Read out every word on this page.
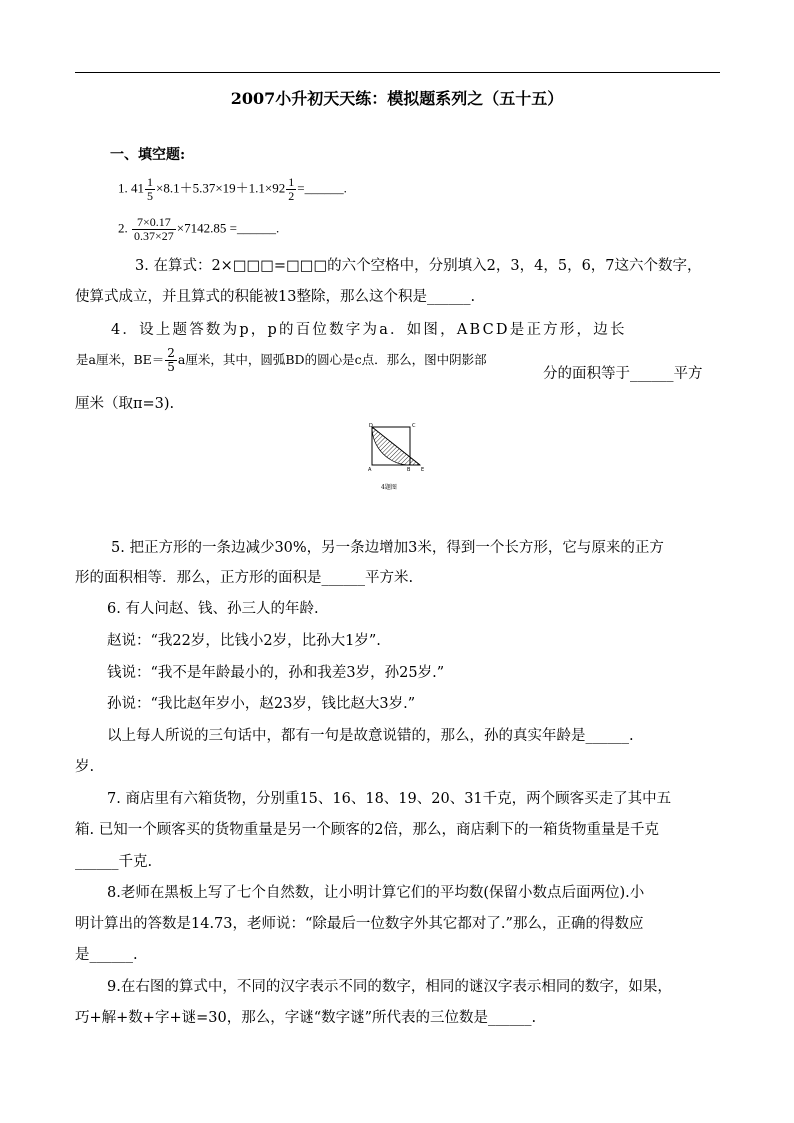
2007小升初天天练：模拟题系列之（五十五）
一、填空题:
1. $41 \frac{1}{5} \times 8.1+5.37\times 19+1.1\times 92 \frac{1}{2}$ =______.
2. $\frac{7\times 0.17}{0.37\times 27} \times 7142.85$ =______.
3. 在算式：2×□□□=□□□的六个空格中，分别填入2，3，4，5，6，7这六个数字，
使算式成立，并且算式的积能被13整除，那么这个积是______.
4．设上题答数为p，p的百位数字为a．如图，ABCD是正方形，边长
是a厘米，$BE= \frac{2}{5}$ a厘米，其中，圆弧BD的圆心是c点．那么，图中阴影部
分的面积等于______平方
厘米（取π=3).
D	C
A	B E
4题图
5. 把正方形的一条边减少30%，另一条边增加3米，得到一个长方形，它与原来的正方
形的面积相等．那么，正方形的面积是______平方米.
6. 有人问赵、钱、孙三人的年龄.
赵说：“我22岁，比钱小2岁，比孙大1岁”.
钱说：“我不是年龄最小的，孙和我差3岁，孙25岁.”
孙说：“我比赵年岁小，赵23岁，钱比赵大3岁.”
以上每人所说的三句话中，都有一句是故意说错的，那么，孙的真实年龄是______.
岁.
7. 商店里有六箱货物，分别重15、16、18、19、20、31千克，两个顾客买走了其中五
箱. 已知一个顾客买的货物重量是另一个顾客的2倍，那么，商店剩下的一箱货物重量是千克
______千克.
8.老师在黑板上写了七个自然数，让小明计算它们的平均数(保留小数点后面两位).小
明计算出的答数是14.73，老师说：“除最后一位数字外其它都对了.”那么，正确的得数应
是______.
9.在右图的算式中，不同的汉字表示不同的数字，相同的谜汉字表示相同的数字，如果，
巧+解+数+字+谜=30，那么，字谜“数字谜”所代表的三位数是______.
